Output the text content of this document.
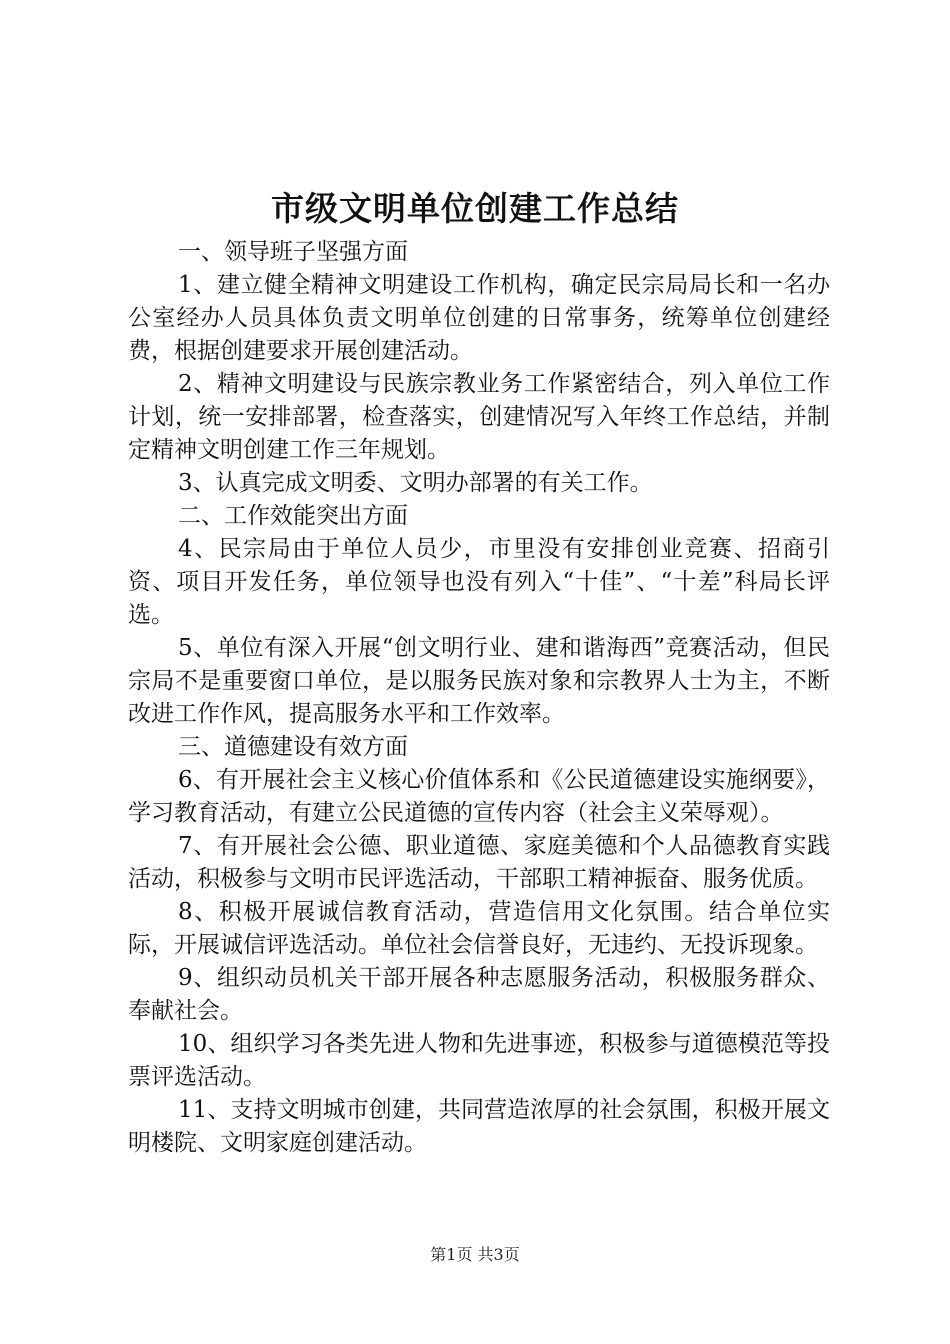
市级文明单位创建工作总结

一、领导班子坚强方面

1、建立健全精神文明建设工作机构，确定民宗局局长和一名办公室经办人员具体负责文明单位创建的日常事务，统筹单位创建经费，根据创建要求开展创建活动。

2、精神文明建设与民族宗教业务工作紧密结合，列入单位工作计划，统一安排部署，检查落实，创建情况写入年终工作总结，并制定精神文明创建工作三年规划。

3、认真完成文明委、文明办部署的有关工作。

二、工作效能突出方面

4、民宗局由于单位人员少，市里没有安排创业竞赛、招商引资、项目开发任务，单位领导也没有列入“十佳”、“十差”科局长评选。

5、单位有深入开展“创文明行业、建和谐海西”竞赛活动，但民宗局不是重要窗口单位，是以服务民族对象和宗教界人士为主，不断改进工作作风，提高服务水平和工作效率。

三、道德建设有效方面

6、有开展社会主义核心价值体系和《公民道德建设实施纲要》，学习教育活动，有建立公民道德的宣传内容（社会主义荣辱观）。

7、有开展社会公德、职业道德、家庭美德和个人品德教育实践活动，积极参与文明市民评选活动，干部职工精神振奋、服务优质。

8、积极开展诚信教育活动，营造信用文化氛围。结合单位实际，开展诚信评选活动。单位社会信誉良好，无违约、无投诉现象。

9、组织动员机关干部开展各种志愿服务活动，积极服务群众、奉献社会。

10、组织学习各类先进人物和先进事迹，积极参与道德模范等投票评选活动。

11、支持文明城市创建，共同营造浓厚的社会氛围，积极开展文明楼院、文明家庭创建活动。

第1页 共3页
